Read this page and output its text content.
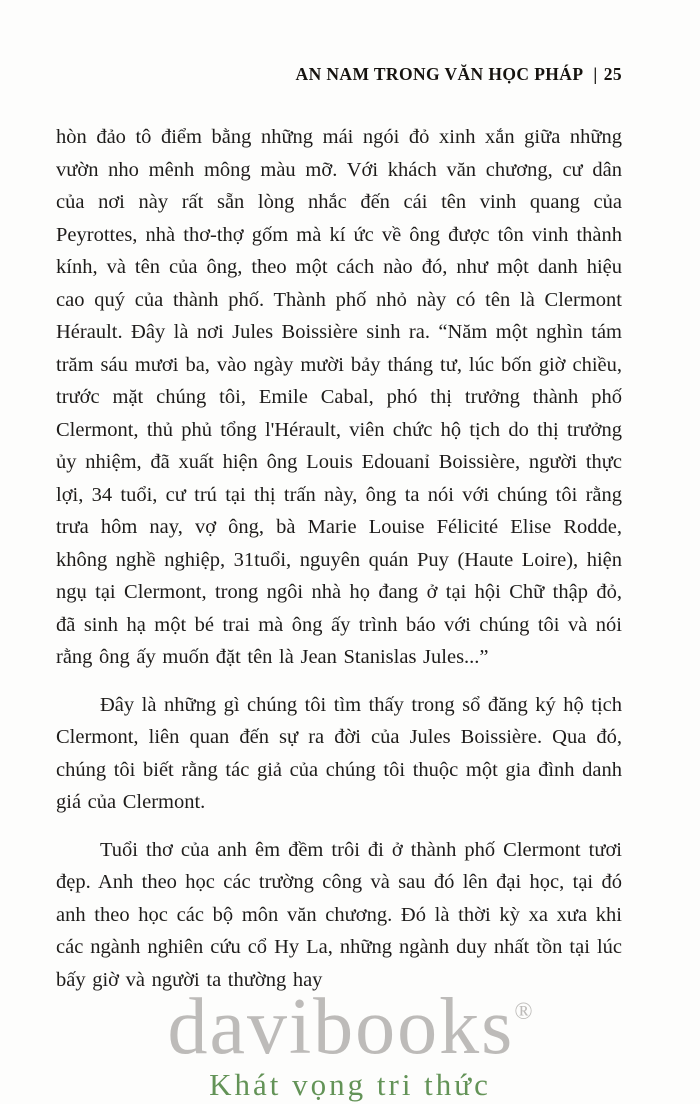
AN NAM TRONG VĂN HỌC PHÁP | 25

hòn đảo tô điểm bằng những mái ngói đỏ xinh xắn giữa những vườn nho mênh mông màu mỡ. Với khách văn chương, cư dân của nơi này rất sẵn lòng nhắc đến cái tên vinh quang của Peyrottes, nhà thơ-thợ gốm mà kí ức về ông được tôn vinh thành kính, và tên của ông, theo một cách nào đó, như một danh hiệu cao quý của thành phố. Thành phố nhỏ này có tên là Clermont Hérault. Đây là nơi Jules Boissière sinh ra. “Năm một nghìn tám trăm sáu mươi ba, vào ngày mười bảy tháng tư, lúc bốn giờ chiều, trước mặt chúng tôi, Emile Cabal, phó thị trưởng thành phố Clermont, thủ phủ tổng l'Hérault, viên chức hộ tịch do thị trưởng ủy nhiệm, đã xuất hiện ông Louis Edouanỉ Boissière, người thực lợi, 34 tuổi, cư trú tại thị trấn này, ông ta nói với chúng tôi rằng trưa hôm nay, vợ ông, bà Marie Louise Félicité Elise Rodde, không nghề nghiệp, 31tuổi, nguyên quán Puy (Haute Loire), hiện ngụ tại Clermont, trong ngôi nhà họ đang ở tại hội Chữ thập đỏ, đã sinh hạ một bé trai mà ông ấy trình báo với chúng tôi và nói rằng ông ấy muốn đặt tên là Jean Stanislas Jules...”

Đây là những gì chúng tôi tìm thấy trong sổ đăng ký hộ tịch Clermont, liên quan đến sự ra đời của Jules Boissière. Qua đó, chúng tôi biết rằng tác giả của chúng tôi thuộc một gia đình danh giá của Clermont.

Tuổi thơ của anh êm đềm trôi đi ở thành phố Clermont tươi đẹp. Anh theo học các trường công và sau đó lên đại học, tại đó anh theo học các bộ môn văn chương. Đó là thời kỳ xa xưa khi các ngành nghiên cứu cổ Hy La, những ngành duy nhất tồn tại lúc bấy giờ và người ta thường hay

davibooks®
Khát vọng tri thức
